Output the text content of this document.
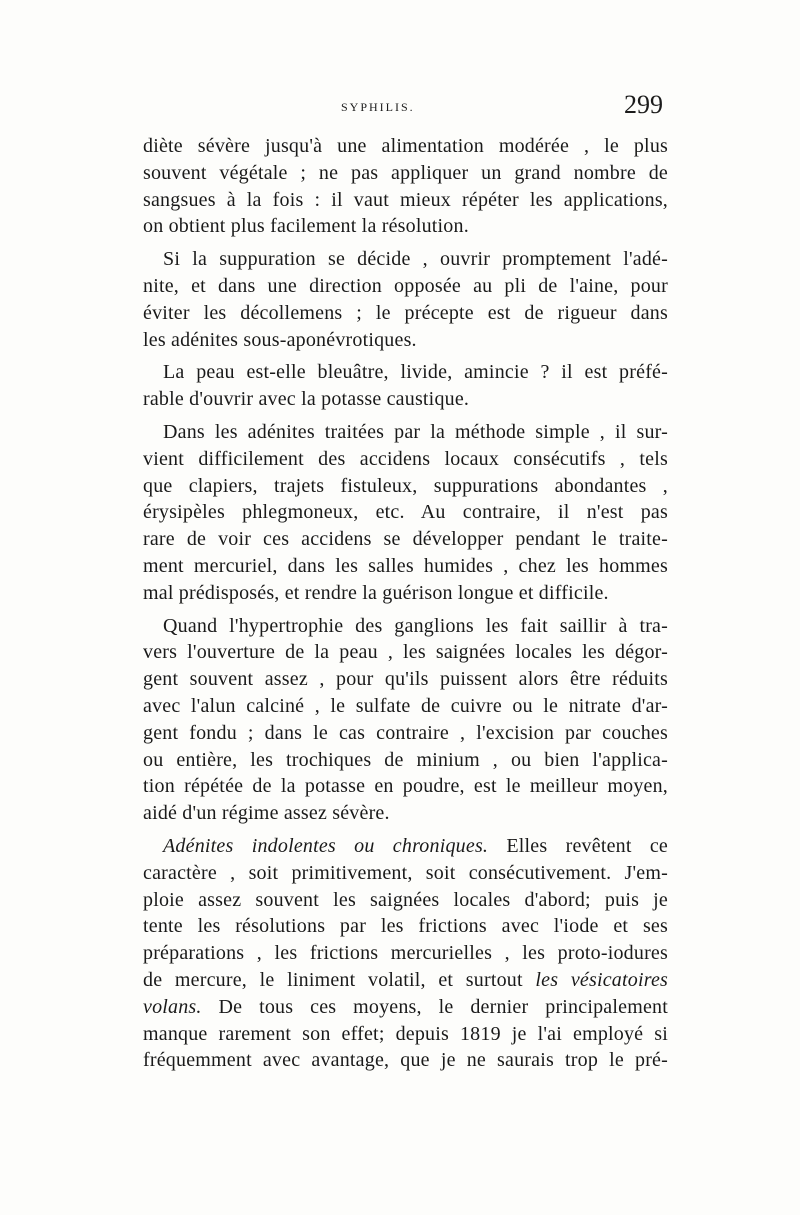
SYPHILIS.	299
diète sévère jusqu'à une alimentation modérée , le plus
souvent végétale ; ne pas appliquer un grand nombre de
sangsues à la fois : il vaut mieux répéter les applications,
on obtient plus facilement la résolution.
Si la suppuration se décide , ouvrir promptement l'adé-
nite, et dans une direction opposée au pli de l'aine, pour
éviter les décollemens ; le précepte est de rigueur dans
les adénites sous-aponévrotiques.
La peau est-elle bleuâtre, livide, amincie ? il est préfé-
rable d'ouvrir avec la potasse caustique.
Dans les adénites traitées par la méthode simple , il sur-
vient difficilement des accidens locaux consécutifs , tels
que clapiers, trajets fistuleux, suppurations abondantes ,
érysipèles phlegmoneux, etc. Au contraire, il n'est pas
rare de voir ces accidens se développer pendant le traite-
ment mercuriel, dans les salles humides , chez les hommes
mal prédisposés, et rendre la guérison longue et difficile.
Quand l'hypertrophie des ganglions les fait saillir à tra-
vers l'ouverture de la peau , les saignées locales les dégor-
gent souvent assez , pour qu'ils puissent alors être réduits
avec l'alun calciné , le sulfate de cuivre ou le nitrate d'ar-
gent fondu ; dans le cas contraire , l'excision par couches
ou entière, les trochiques de minium , ou bien l'applica-
tion répétée de la potasse en poudre, est le meilleur moyen,
aidé d'un régime assez sévère.
Adénites indolentes ou chroniques. Elles revêtent ce
caractère , soit primitivement, soit consécutivement. J'em-
ploie assez souvent les saignées locales d'abord; puis je
tente les résolutions par les frictions avec l'iode et ses
préparations , les frictions mercurielles , les proto-iodures
de mercure, le liniment volatil, et surtout les vésicatoires
volans. De tous ces moyens, le dernier principalement
manque rarement son effet; depuis 1819 je l'ai employé si
fréquemment avec avantage, que je ne saurais trop le pré-
